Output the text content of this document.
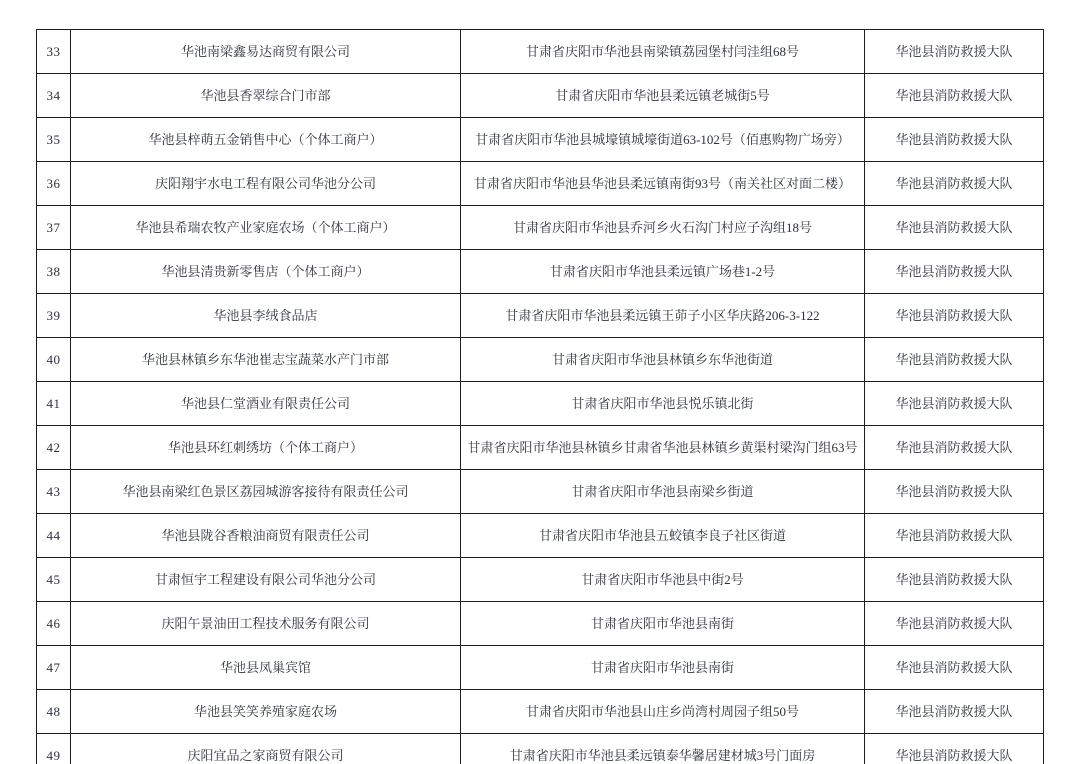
33	华池南梁鑫易达商贸有限公司	甘肃省庆阳市华池县南梁镇荔园堡村闫洼组68号	华池县消防救援大队
34	华池县香翠综合门市部	甘肃省庆阳市华池县柔远镇老城街5号	华池县消防救援大队
35	华池县梓萌五金销售中心（个体工商户）	甘肃省庆阳市华池县城壕镇城壕街道63-102号（佰惠购物广场旁）	华池县消防救援大队
36	庆阳翔宇水电工程有限公司华池分公司	甘肃省庆阳市华池县华池县柔远镇南街93号（南关社区对面二楼）	华池县消防救援大队
37	华池县希瑞农牧产业家庭农场（个体工商户）	甘肃省庆阳市华池县乔河乡火石沟门村应子沟组18号	华池县消防救援大队
38	华池县清贵新零售店（个体工商户）	甘肃省庆阳市华池县柔远镇广场巷1-2号	华池县消防救援大队
39	华池县李绒食品店	甘肃省庆阳市华池县柔远镇王茆子小区华庆路206-3-122	华池县消防救援大队
40	华池县林镇乡东华池崔志宝蔬菜水产门市部	甘肃省庆阳市华池县林镇乡东华池街道	华池县消防救援大队
41	华池县仁堂酒业有限责任公司	甘肃省庆阳市华池县悦乐镇北街	华池县消防救援大队
42	华池县环红刺绣坊（个体工商户）	甘肃省庆阳市华池县林镇乡甘肃省华池县林镇乡黄渠村梁沟门组63号	华池县消防救援大队
43	华池县南梁红色景区荔园城游客接待有限责任公司	甘肃省庆阳市华池县南梁乡街道	华池县消防救援大队
44	华池县陇谷香粮油商贸有限责任公司	甘肃省庆阳市华池县五蛟镇李良子社区街道	华池县消防救援大队
45	甘肃恒宇工程建设有限公司华池分公司	甘肃省庆阳市华池县中街2号	华池县消防救援大队
46	庆阳午景油田工程技术服务有限公司	甘肃省庆阳市华池县南街	华池县消防救援大队
47	华池县凤巢宾馆	甘肃省庆阳市华池县南街	华池县消防救援大队
48	华池县笑笑养殖家庭农场	甘肃省庆阳市华池县山庄乡尚湾村周园子组50号	华池县消防救援大队
49	庆阳宜品之家商贸有限公司	甘肃省庆阳市华池县柔远镇泰华馨居建材城3号门面房	华池县消防救援大队
